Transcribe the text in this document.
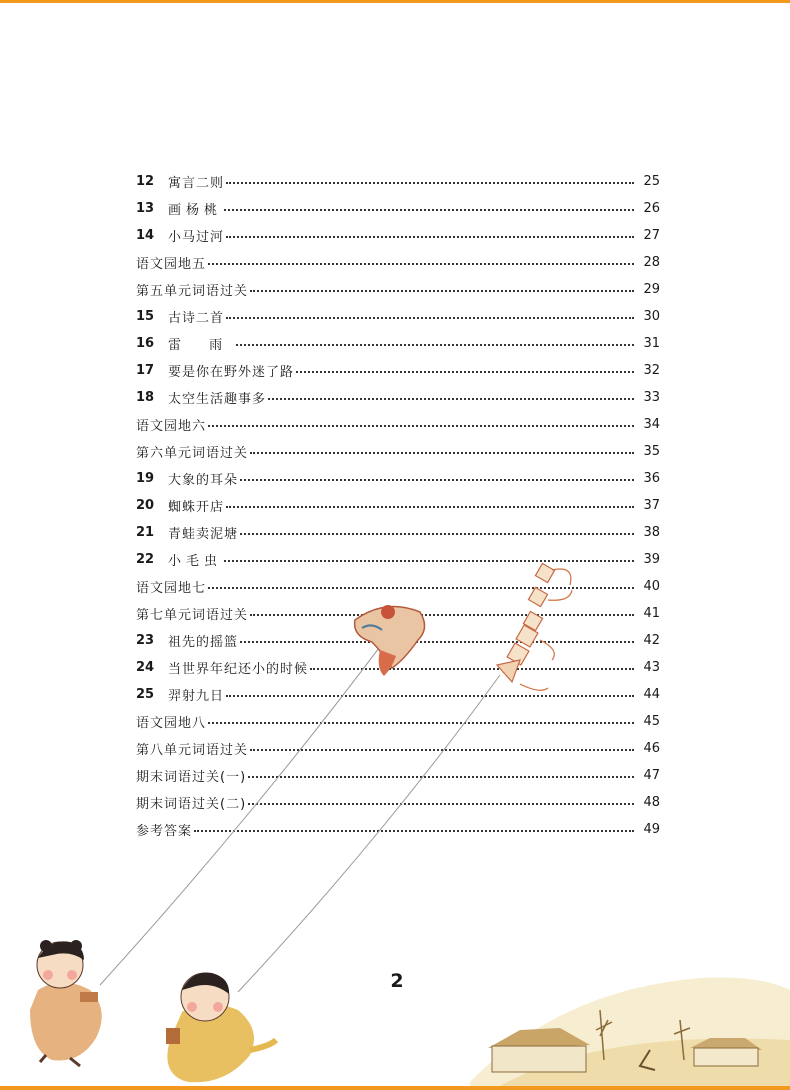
12	寓言二则	25
13	画杨桃	26
14	小马过河	27
语文园地五	28
第五单元词语过关	29
15	古诗二首	30
16	雷 雨	31
17	要是你在野外迷了路	32
18	太空生活趣事多	33
语文园地六	34
第六单元词语过关	35
19	大象的耳朵	36
20	蜘蛛开店	37
21	青蛙卖泥塘	38
22	小毛虫	39
语文园地七	40
第七单元词语过关	41
23	祖先的摇篮	42
24	当世界年纪还小的时候	43
25	羿射九日	44
语文园地八	45
第八单元词语过关	46
期末词语过关(一)	47
期末词语过关(二)	48
参考答案	49
2
